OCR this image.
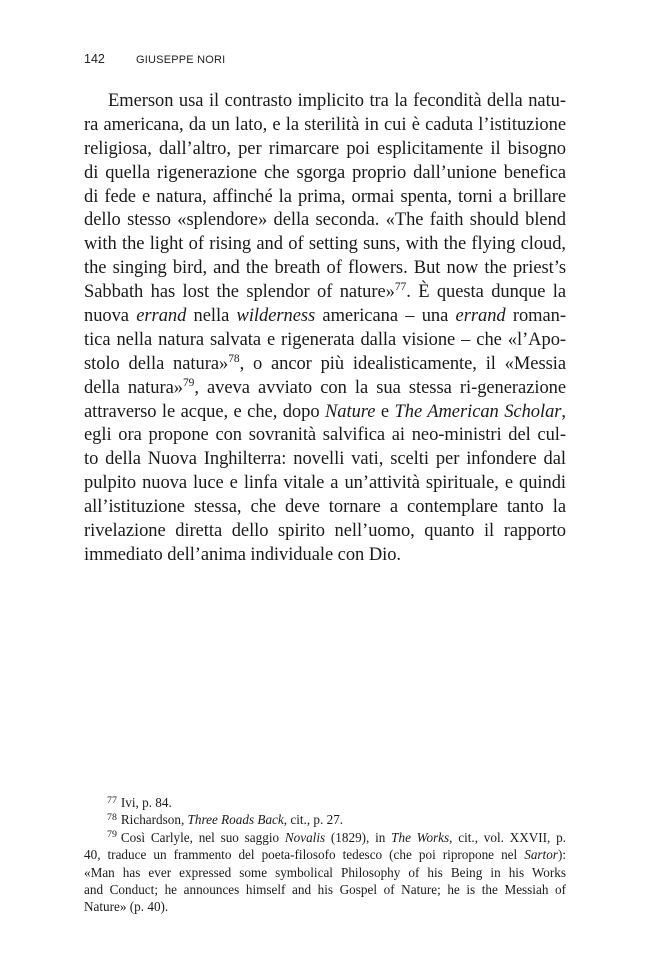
142	GIUSEPPE NORI
Emerson usa il contrasto implicito tra la fecondità della natu-
ra americana, da un lato, e la sterilità in cui è caduta l’istituzione
religiosa, dall’altro, per rimarcare poi esplicitamente il bisogno
di quella rigenerazione che sgorga proprio dall’unione benefica
di fede e natura, affinché la prima, ormai spenta, torni a brillare
dello stesso «splendore» della seconda. «The faith should blend
with the light of rising and of setting suns, with the flying cloud,
the singing bird, and the breath of flowers. But now the priest’s
Sabbath has lost the splendor of nature»$^{77}$. È questa dunque la
nuova errand nella wilderness americana – una errand roman-
tica nella natura salvata e rigenerata dalla visione – che «l’Apo-
stolo della natura»$^{78}$, o ancor più idealisticamente, il «Messia
della natura»$^{79}$, aveva avviato con la sua stessa ri-generazione
attraverso le acque, e che, dopo Nature e The American Scholar,
egli ora propone con sovranità salvifica ai neo-ministri del cul-
to della Nuova Inghilterra: novelli vati, scelti per infondere dal
pulpito nuova luce e linfa vitale a un’attività spirituale, e quindi
all’istituzione stessa, che deve tornare a contemplare tanto la
rivelazione diretta dello spirito nell’uomo, quanto il rapporto
immediato dell’anima individuale con Dio.
$^{77}$ Ivi, p. 84.
$^{78}$ Richardson, Three Roads Back, cit., p. 27.
$^{79}$ Così Carlyle, nel suo saggio Novalis (1829), in The Works, cit., vol. XXVII, p.
40, traduce un frammento del poeta-filosofo tedesco (che poi ripropone nel Sartor):
«Man has ever expressed some symbolical Philosophy of his Being in his Works
and Conduct; he announces himself and his Gospel of Nature; he is the Messiah of
Nature» (p. 40).
